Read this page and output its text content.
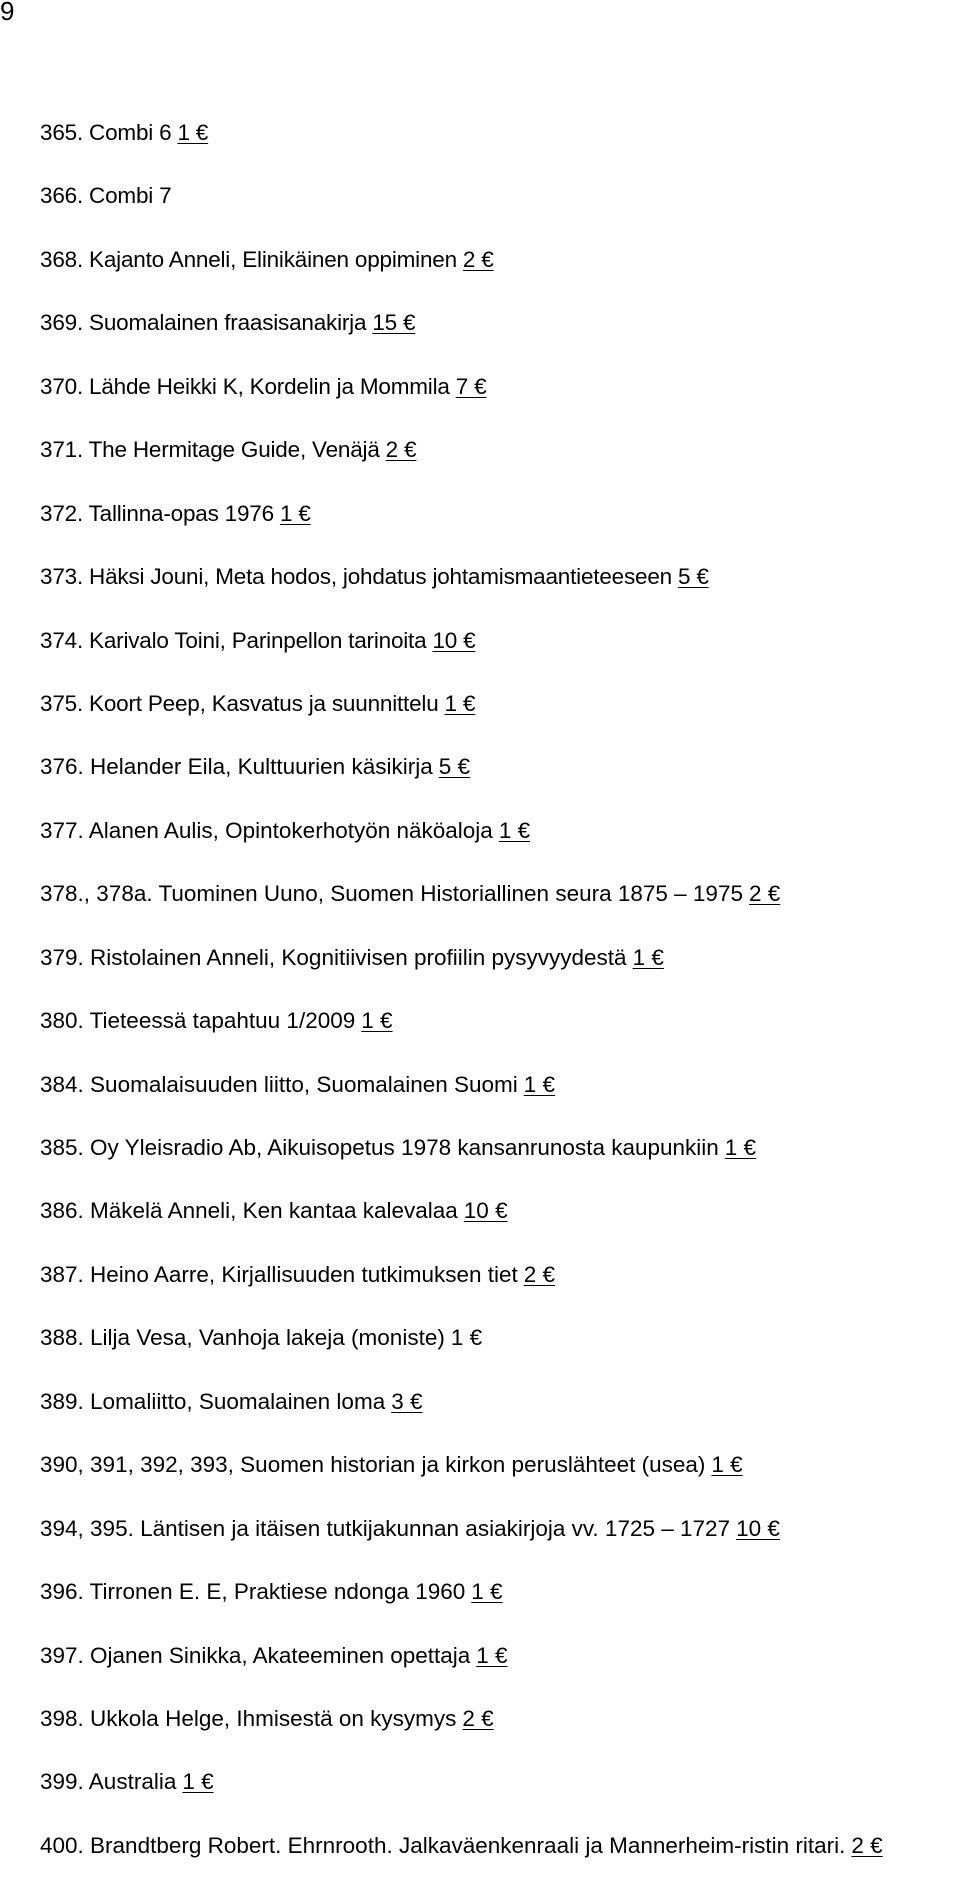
9

365. Combi 6 1 €
366. Combi 7
368. Kajanto Anneli, Elinikäinen oppiminen 2 €
369. Suomalainen fraasisanakirja 15 €
370. Lähde Heikki K, Kordelin ja Mommila 7 €
371. The Hermitage Guide, Venäjä 2 €
372. Tallinna-opas 1976 1 €
373. Häksi Jouni, Meta hodos, johdatus johtamismaantieteeseen 5 €
374. Karivalo Toini, Parinpellon tarinoita 10 €
375. Koort Peep, Kasvatus ja suunnittelu 1 €
376. Helander Eila, Kulttuurien käsikirja 5 €
377. Alanen Aulis, Opintokerhotyön näköaloja 1 €
378., 378a. Tuominen Uuno, Suomen Historiallinen seura 1875 – 1975 2 €
379. Ristolainen Anneli, Kognitiivisen profiilin pysyvyydestä 1 €
380. Tieteessä tapahtuu 1/2009 1 €
384. Suomalaisuuden liitto, Suomalainen Suomi 1 €
385. Oy Yleisradio Ab, Aikuisopetus 1978 kansanrunosta kaupunkiin 1 €
386. Mäkelä Anneli, Ken kantaa kalevalaa 10 €
387. Heino Aarre, Kirjallisuuden tutkimuksen tiet 2 €
388. Lilja Vesa, Vanhoja lakeja (moniste) 1 €
389. Lomaliitto, Suomalainen loma 3 €
390, 391, 392, 393, Suomen historian ja kirkon peruslähteet (usea) 1 €
394, 395. Läntisen ja itäisen tutkijakunnan asiakirjoja vv. 1725 – 1727 10 €
396. Tirronen E. E, Praktiese ndonga 1960 1 €
397. Ojanen Sinikka, Akateeminen opettaja 1 €
398. Ukkola Helge, Ihmisestä on kysymys 2 €
399. Australia 1 €
400. Brandtberg Robert. Ehrnrooth. Jalkaväenkenraali ja Mannerheim-ristin ritari. 2 €
